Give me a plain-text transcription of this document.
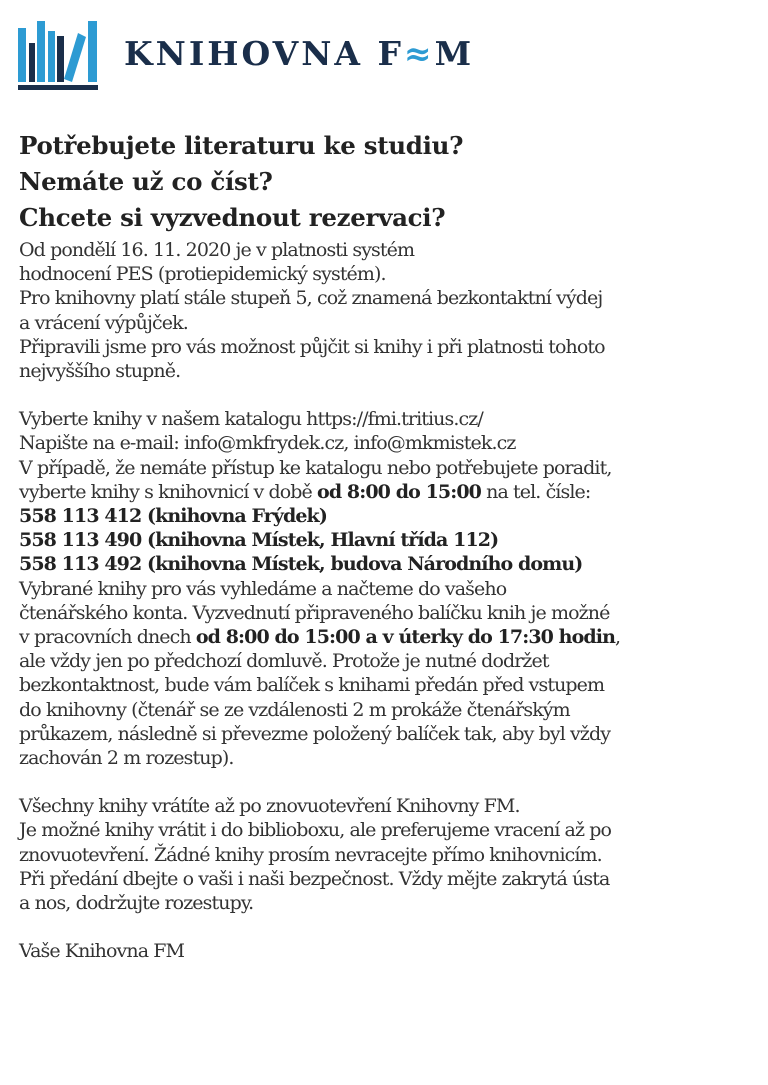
KNIHOVNA F≈M
Potřebujete literaturu ke studiu?
Nemáte už co číst?
Chcete si vyzvednout rezervaci?
Od pondělí 16. 11. 2020 je v platnosti systém
hodnocení PES (protiepidemický systém).
Pro knihovny platí stále stupeň 5, což znamená bezkontaktní výdej
a vrácení výpůjček.
Připravili jsme pro vás možnost půjčit si knihy i při platnosti tohoto
nejvyššího stupně.
Vyberte knihy v našem katalogu https://fmi.tritius.cz/
Napište na e-mail: info@mkfrydek.cz, info@mkmistek.cz
V případě, že nemáte přístup ke katalogu nebo potřebujete poradit,
vyberte knihy s knihovnicí v době od 8:00 do 15:00 na tel. čísle:
558 113 412 (knihovna Frýdek)
558 113 490 (knihovna Místek, Hlavní třída 112)
558 113 492 (knihovna Místek, budova Národního domu)
Vybrané knihy pro vás vyhledáme a načteme do vašeho
čtenářského konta. Vyzvednutí připraveného balíčku knih je možné
v pracovních dnech od 8:00 do 15:00 a v úterky do 17:30 hodin,
ale vždy jen po předchozí domluvě. Protože je nutné dodržet
bezkontaktnost, bude vám balíček s knihami předán před vstupem
do knihovny (čtenář se ze vzdálenosti 2 m prokáže čtenářským
průkazem, následně si převezme položený balíček tak, aby byl vždy
zachován 2 m rozestup).
Všechny knihy vrátíte až po znovuotevření Knihovny FM.
Je možné knihy vrátit i do biblioboxu, ale preferujeme vracení až po
znovuotevření. Žádné knihy prosím nevracejte přímo knihovnicím.
Při předání dbejte o vaši i naši bezpečnost. Vždy mějte zakrytá ústa
a nos, dodržujte rozestupy.
Vaše Knihovna FM
